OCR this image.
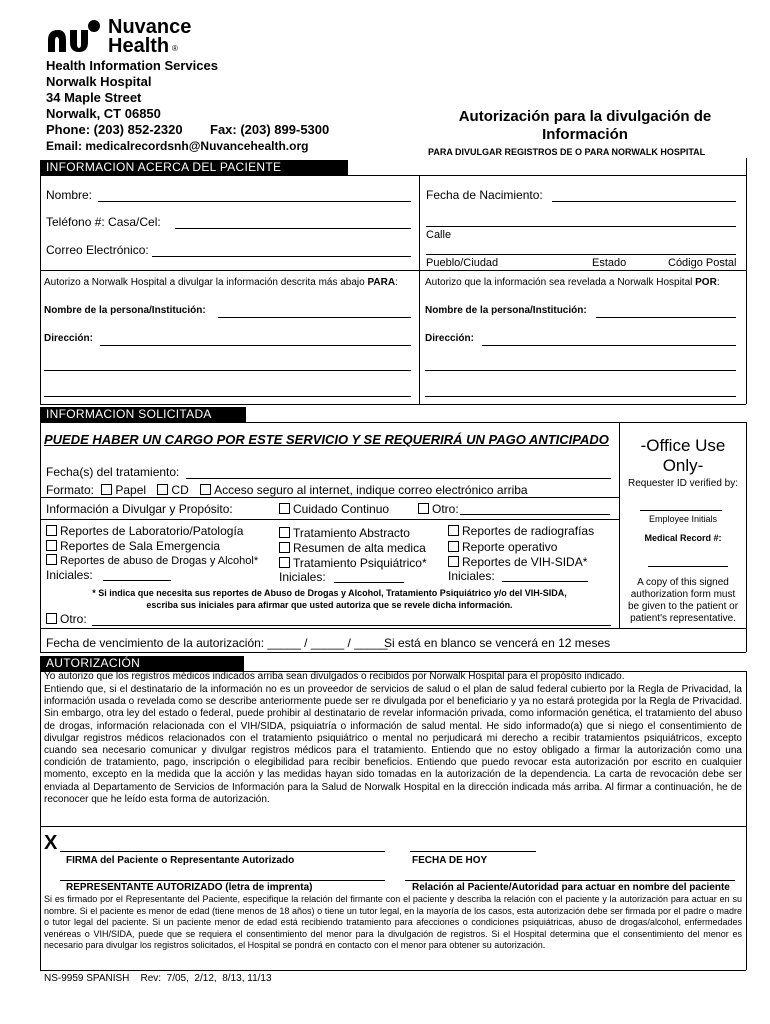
Nuvance
Health ®
Health Information Services
Norwalk Hospital
34 Maple Street
Norwalk, CT 06850
Phone: (203) 852-2320 Fax: (203) 899-5300
Email: medicalrecordsnh@Nuvancehealth.org
Autorización para la divulgación de
Información
PARA DIVULGAR REGISTROS DE O PARA NORWALK HOSPITAL
INFORMACION ACERCA DEL PACIENTE
Nombre:
Teléfono #: Casa/Cel:
Correo Electrónico:
Fecha de Nacimiento:
Calle
Pueblo/Ciudad	Estado	Código Postal
Autorizo a Norwalk Hospital a divulgar la información descrita más abajo PARA:	Autorizo que la información sea revelada a Norwalk Hospital POR:
Nombre de la persona/Institución:
Dirección:
Nombre de la persona/Institución:
Dirección:
INFORMACION SOLICITADA
PUEDE HABER UN CARGO POR ESTE SERVICIO Y SE REQUERIRÁ UN PAGO ANTICIPADO
Fecha(s) del tratamiento:
Formato: Papel CD Acceso seguro al internet, indique correo electrónico arriba
Información a Divulgar y Propósito:	Cuidado Continuo	Otro:
Reportes de Laboratorio/Patología
Reportes de Sala Emergencia
Reportes de abuso de Drogas y Alcohol*
Iniciales:
Tratamiento Abstracto
Resumen de alta medica
Tratamiento Psiquiátrico*
Iniciales:
Reportes de radiografías
Reporte operativo
Reportes de VIH-SIDA*
Iniciales:
* Si indica que necesita sus reportes de Abuso de Drogas y Alcohol, Tratamiento Psiquiátrico y/o del VIH-SIDA,
escriba sus iniciales para afirmar que usted autoriza que se revele dicha información.
Otro:
-Office Use
Only-
Requester ID verified by:
Employee Initials
Medical Record #:
A copy of this signed
authorization form must
be given to the patient or
patient's representative.
Fecha de vencimiento de la autorización: _____ / _____ / _____
Si está en blanco se vencerá en 12 meses
AUTORIZACIÓN
Yo autorizo que los registros médicos indicados arriba sean divulgados o recibidos por Norwalk Hospital para el propósito indicado.
Entiendo que, si el destinatario de la información no es un proveedor de servicios de salud o el plan de salud federal cubierto por la Regla de Privacidad, la información usada o revelada como se describe anteriormente puede ser re divulgada por el beneficiario y ya no estará protegida por la Regla de Privacidad. Sin embargo, otra ley del estado o federal, puede prohibir al destinatario de revelar información privada, como información genética, el tratamiento del abuso de drogas, información relacionada con el VIH/SIDA, psiquiatría o información de salud mental. He sido informado(a) que si niego el consentimiento de divulgar registros médicos relacionados con el tratamiento psiquiátrico o mental no perjudicará mi derecho a recibir tratamientos psiquiátricos, excepto cuando sea necesario comunicar y divulgar registros médicos para el tratamiento. Entiendo que no estoy obligado a firmar la autorización como una condición de tratamiento, pago, inscripción o elegibilidad para recibir beneficios. Entiendo que puedo revocar esta autorización por escrito en cualquier momento, excepto en la medida que la acción y las medidas hayan sido tomadas en la autorización de la dependencia. La carta de revocación debe ser enviada al Departamento de Servicios de Información para la Salud de Norwalk Hospital en la dirección indicada más arriba. Al firmar a continuación, he de reconocer que he leído esta forma de autorización.
X
FIRMA del Paciente o Representante Autorizado	FECHA DE HOY
REPRESENTANTE AUTORIZADO (letra de imprenta)	Relación al Paciente/Autoridad para actuar en nombre del paciente
Si es firmado por el Representante del Paciente, especifique la relación del firmante con el paciente y describa la relación con el paciente y la autorización para actuar en su nombre. Si el paciente es menor de edad (tiene menos de 18 años) o tiene un tutor legal, en la mayoría de los casos, esta autorización debe ser firmada por el padre o madre o tutor legal del paciente. Si un paciente menor de edad está recibiendo tratamiento para afecciones o condiciones psiquiátricas, abuso de drogas/alcohol, enfermedades venéreas o VIH/SIDA, puede que se requiera el consentimiento del menor para la divulgación de registros. Si el Hospital determina que el consentimiento del menor es necesario para divulgar los registros solicitados, el Hospital se pondrá en contacto con el menor para obtener su autorización.
NS-9959 SPANISH    Rev:  7/05,  2/12,  8/13, 11/13
